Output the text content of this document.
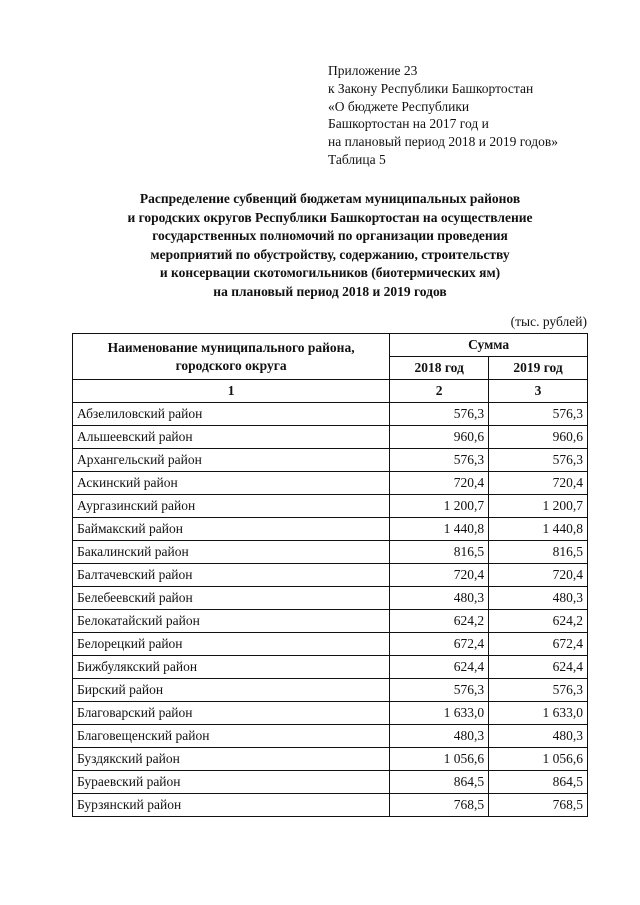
Приложение 23
к Закону Республики Башкортостан
«О бюджете Республики
Башкортостан на 2017 год и
на плановый период 2018 и 2019 годов»
Таблица 5
Распределение субвенций бюджетам муниципальных районов
и городских округов Республики Башкортостан на осуществление
государственных полномочий по организации проведения
мероприятий по обустройству, содержанию, строительству
и консервации скотомогильников (биотермических ям)
на плановый период 2018 и 2019 годов
(тыс. рублей)
Наименование муниципального района, городского округа	Сумма	
	2018 год	2019 год
1	2	3
Абзелиловский район	576,3	576,3
Альшеевский район	960,6	960,6
Архангельский район	576,3	576,3
Аскинский район	720,4	720,4
Аургазинский район	1 200,7	1 200,7
Баймакский район	1 440,8	1 440,8
Бакалинский район	816,5	816,5
Балтачевский район	720,4	720,4
Белебеевский район	480,3	480,3
Белокатайский район	624,2	624,2
Белорецкий район	672,4	672,4
Бижбулякский район	624,4	624,4
Бирский район	576,3	576,3
Благоварский район	1 633,0	1 633,0
Благовещенский район	480,3	480,3
Буздякский район	1 056,6	1 056,6
Бураевский район	864,5	864,5
Бурзянский район	768,5	768,5
